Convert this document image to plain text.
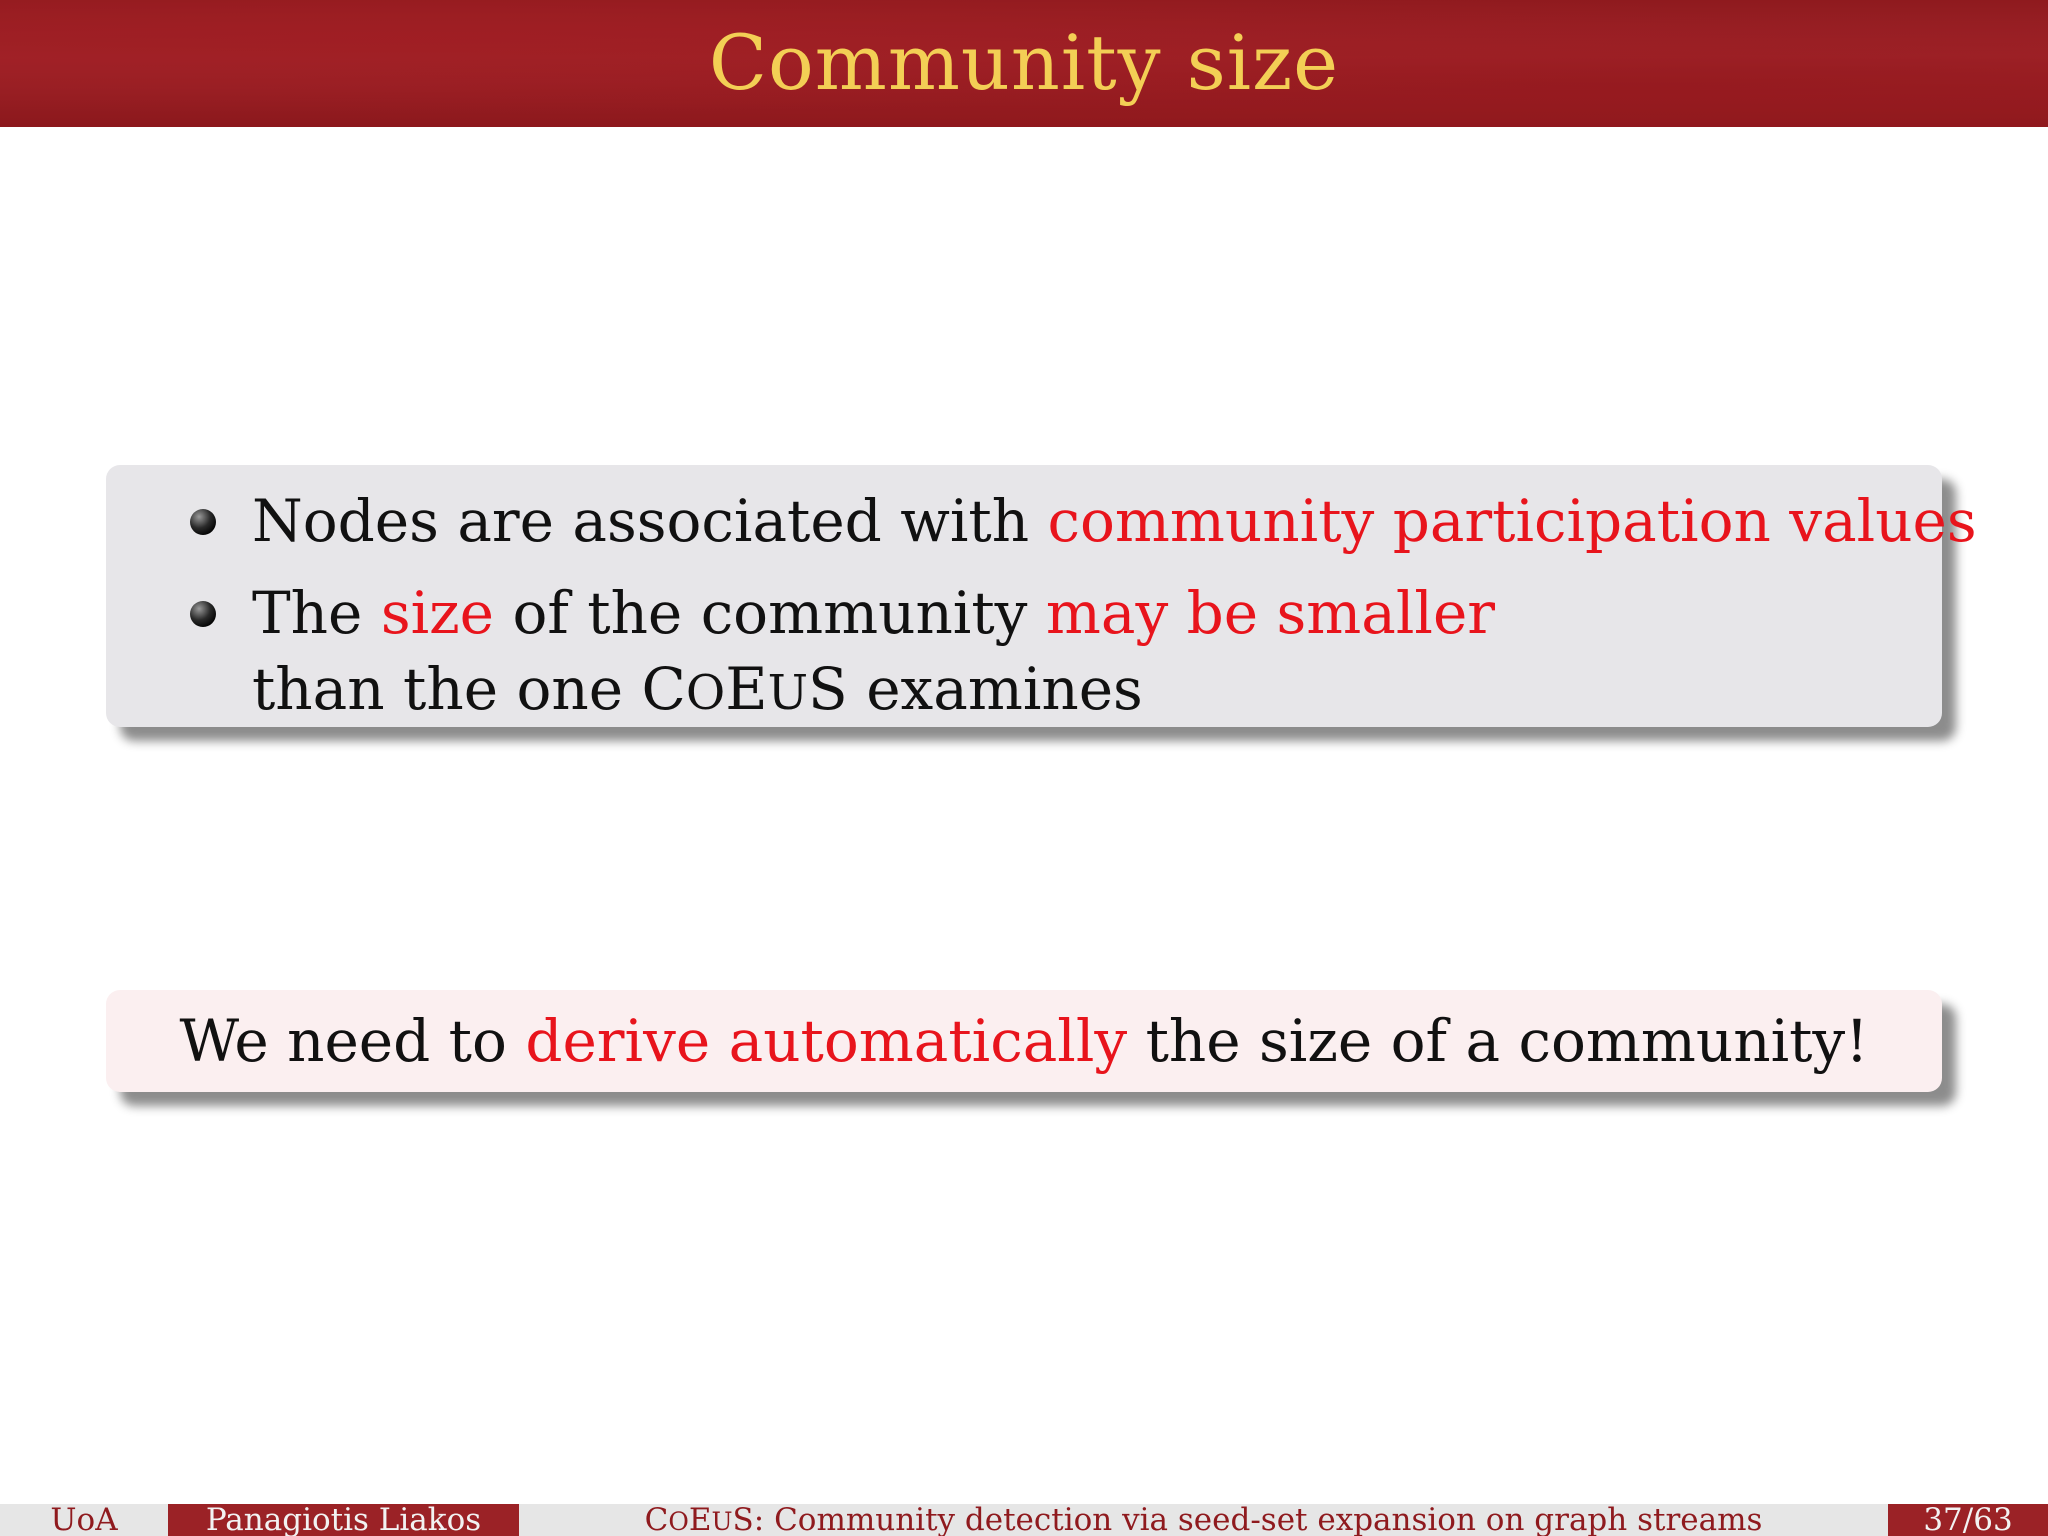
Community size
Nodes are associated with community participation values
The size of the community may be smaller
than the one COEUS examines
We need to derive automatically the size of a community!
UoA	Panagiotis Liakos	COEUS: Community detection via seed-set expansion on graph streams	37/63
